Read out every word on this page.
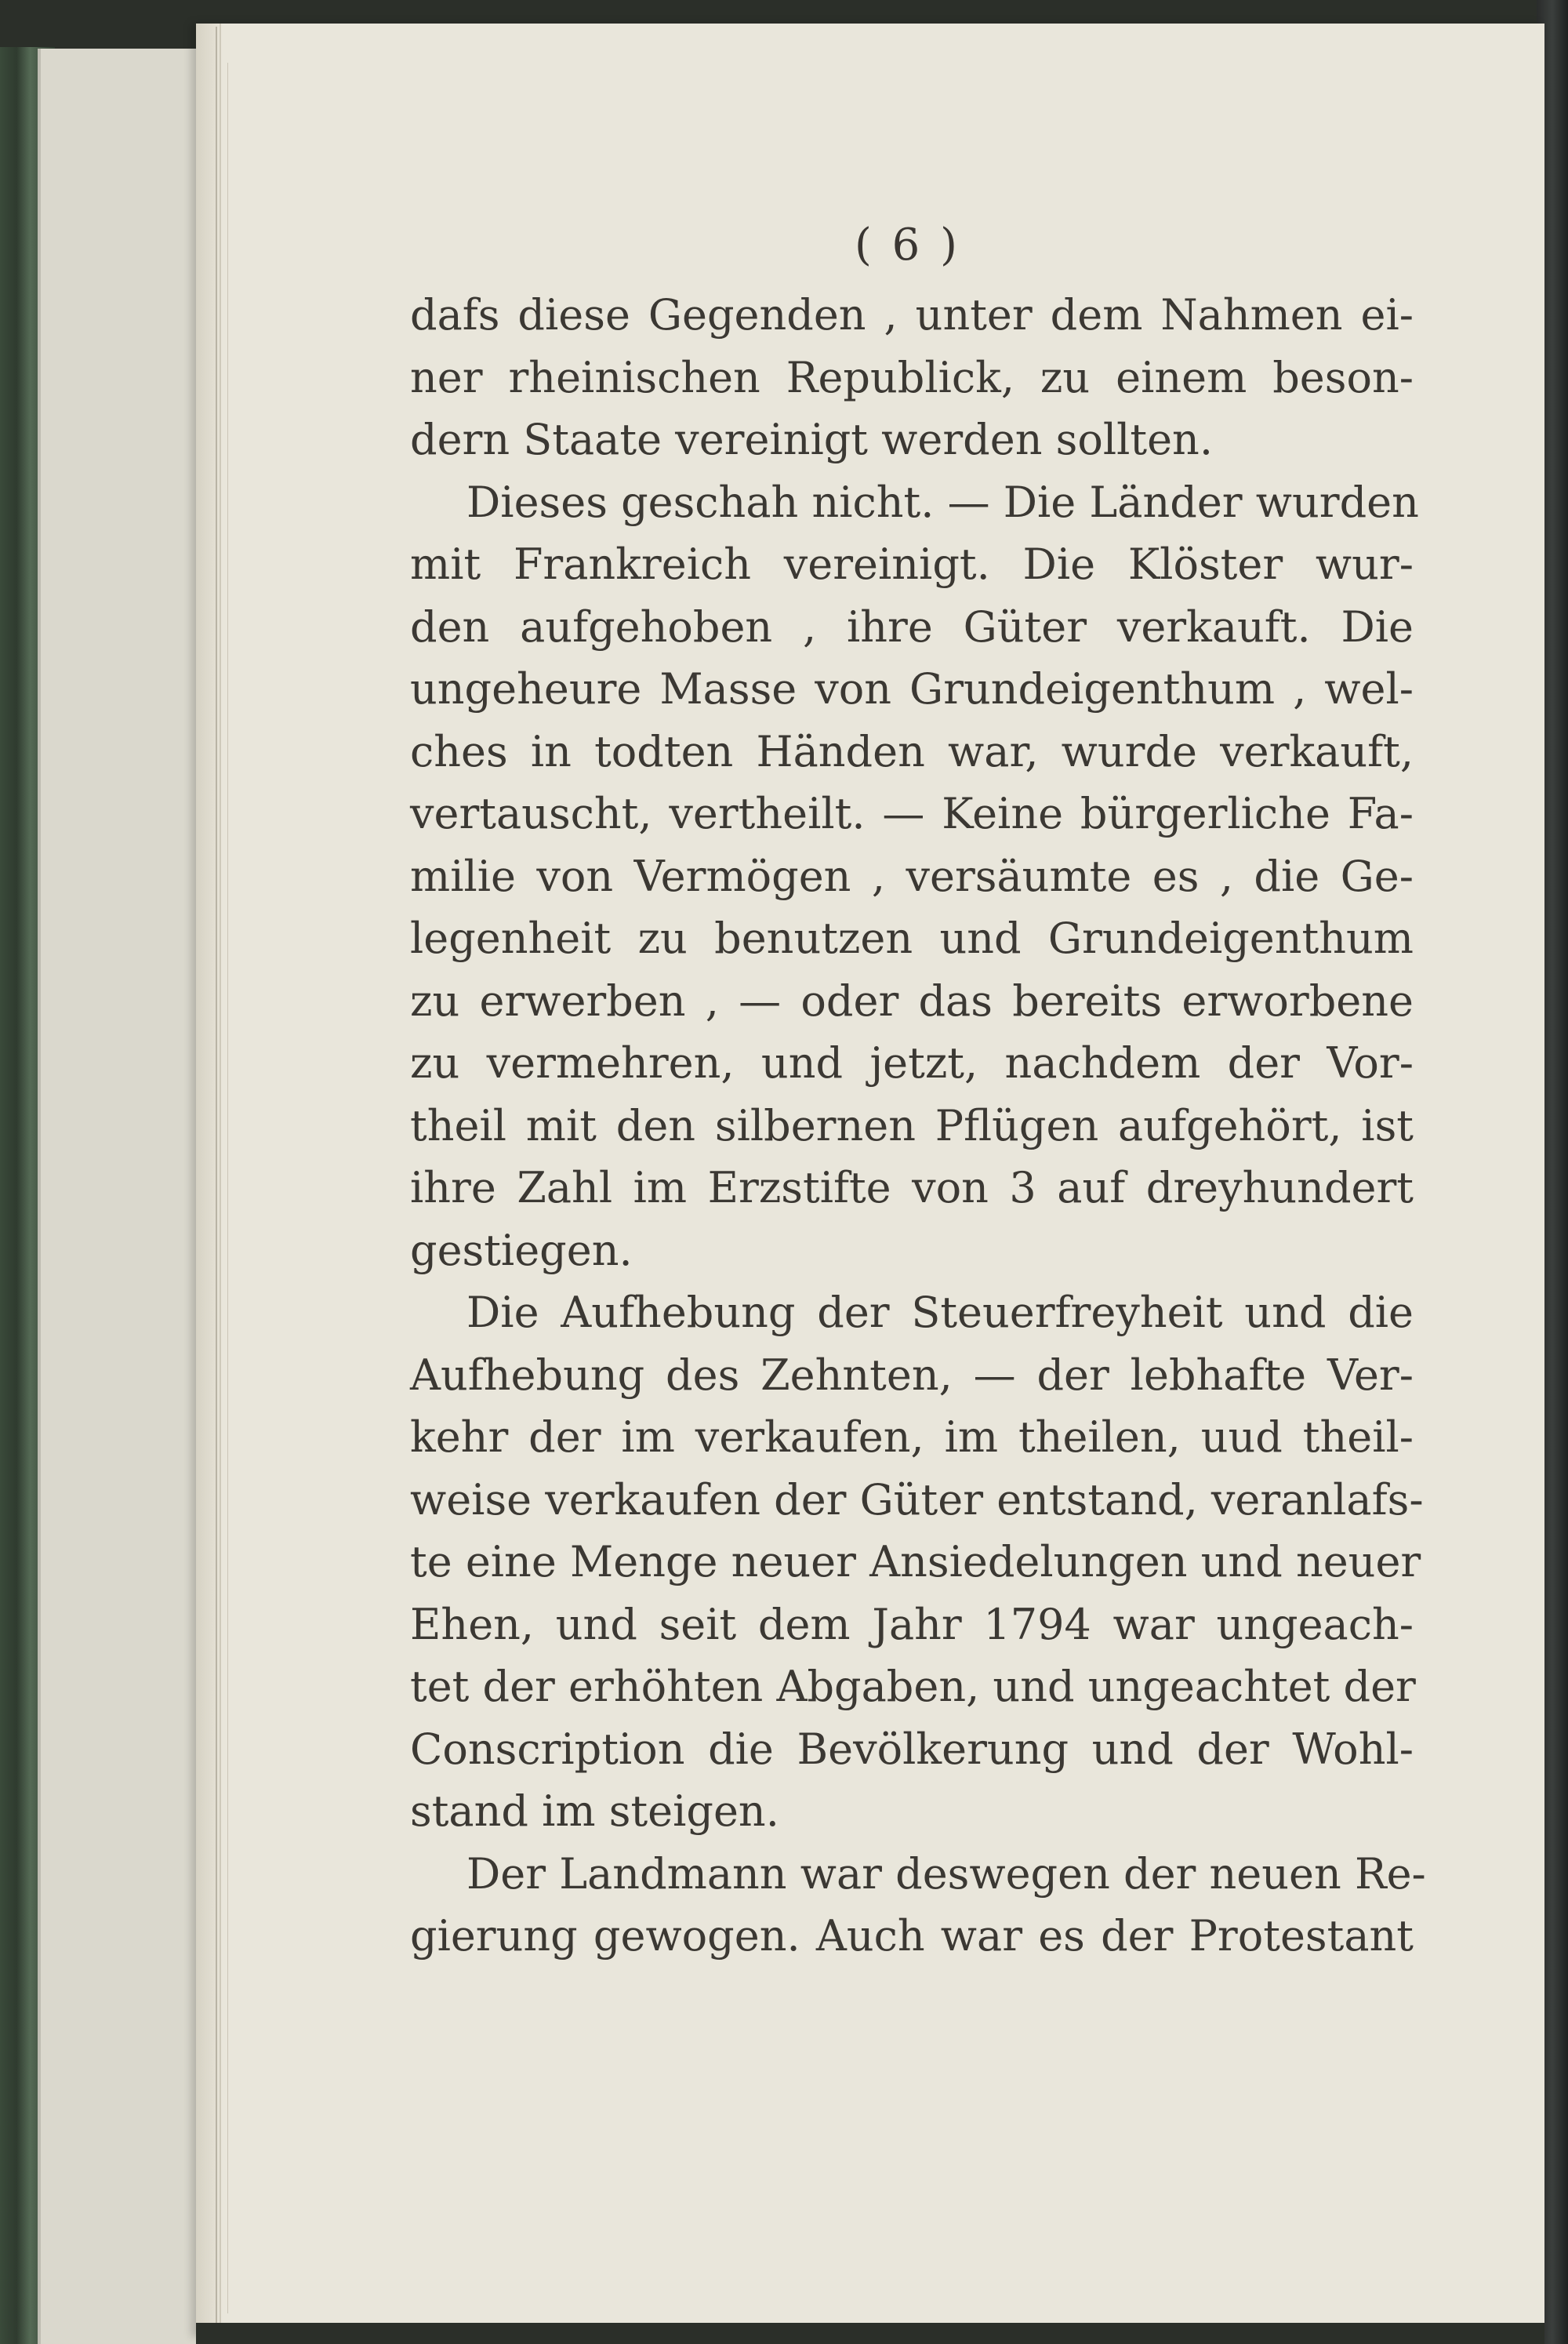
( 6 )
dafs diese Gegenden , unter dem Nahmen ei-
ner rheinischen Republick, zu einem beson-
dern Staate vereinigt werden sollten.
Dieses geschah nicht. — Die Länder wurden
mit Frankreich vereinigt. Die Klöster wur-
den aufgehoben , ihre Güter verkauft. Die
ungeheure Masse von Grundeigenthum , wel-
ches in todten Händen war, wurde verkauft,
vertauscht, vertheilt. — Keine bürgerliche Fa-
milie von Vermögen , versäumte es , die Ge-
legenheit zu benutzen und Grundeigenthum
zu erwerben , — oder das bereits erworbene
zu vermehren, und jetzt, nachdem der Vor-
theil mit den silbernen Pflügen aufgehört, ist
ihre Zahl im Erzstifte von 3 auf dreyhundert
gestiegen.
Die Aufhebung der Steuerfreyheit und die
Aufhebung des Zehnten, — der lebhafte Ver-
kehr der im verkaufen, im theilen, uud theil-
weise verkaufen der Güter entstand, veranlafs-
te eine Menge neuer Ansiedelungen und neuer
Ehen, und seit dem Jahr 1794 war ungeach-
tet der erhöhten Abgaben, und ungeachtet der
Conscription die Bevölkerung und der Wohl-
stand im steigen.
Der Landmann war deswegen der neuen Re-
gierung gewogen. Auch war es der Protestant
